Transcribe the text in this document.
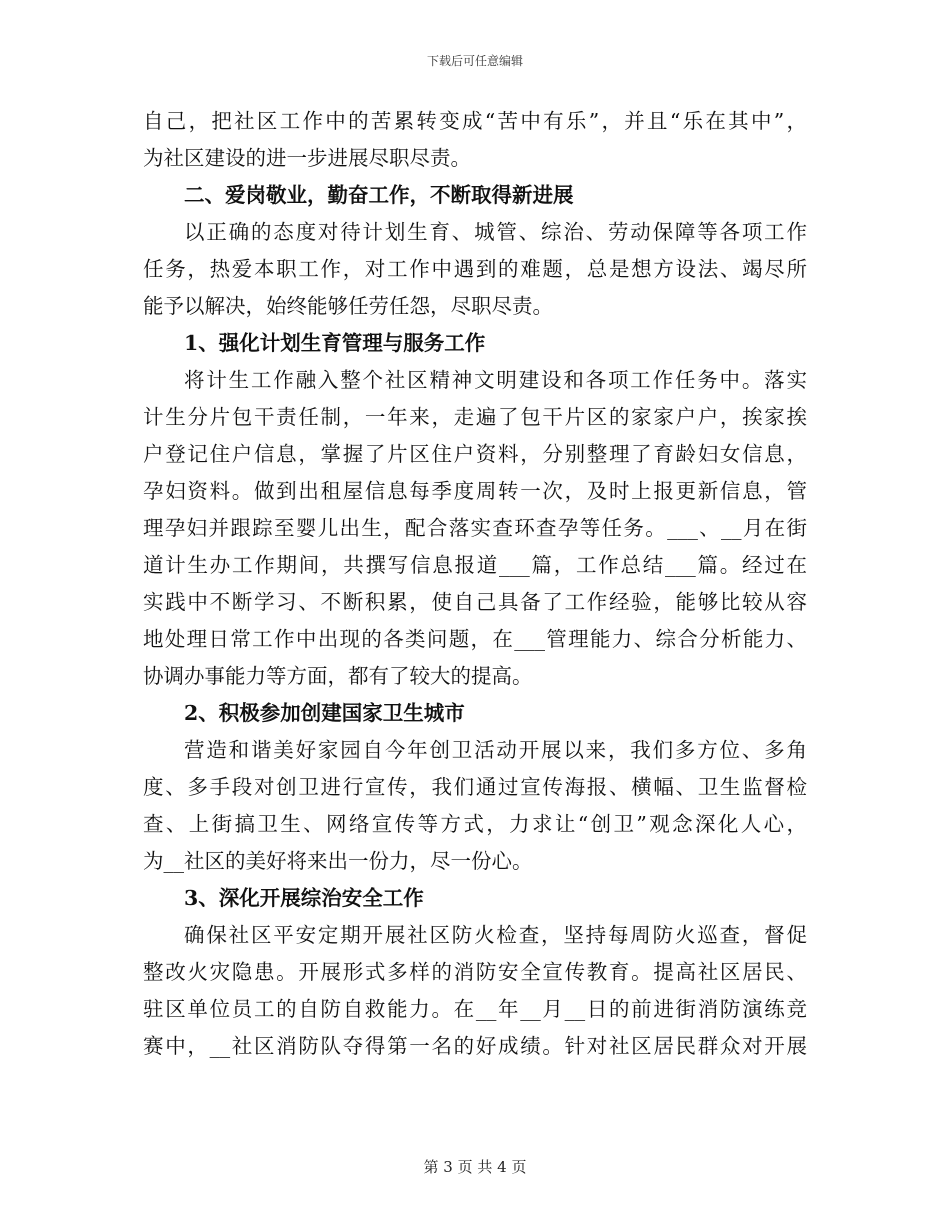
下载后可任意编辑
自己，把社区工作中的苦累转变成“苦中有乐”，并且“乐在其中”，
为社区建设的进一步进展尽职尽责。
二、爱岗敬业，勤奋工作，不断取得新进展
以正确的态度对待计划生育、城管、综治、劳动保障等各项工作
任务，热爱本职工作，对工作中遇到的难题，总是想方设法、竭尽所
能予以解决，始终能够任劳任怨，尽职尽责。
1、强化计划生育管理与服务工作
将计生工作融入整个社区精神文明建设和各项工作任务中。落实
计生分片包干责任制，一年来，走遍了包干片区的家家户户，挨家挨
户登记住户信息，掌握了片区住户资料，分别整理了育龄妇女信息，
孕妇资料。做到出租屋信息每季度周转一次，及时上报更新信息，管
理孕妇并跟踪至婴儿出生，配合落实查环查孕等任务。___、__月在街
道计生办工作期间，共撰写信息报道___篇，工作总结___篇。经过在
实践中不断学习、不断积累，使自己具备了工作经验，能够比较从容
地处理日常工作中出现的各类问题，在___管理能力、综合分析能力、
协调办事能力等方面，都有了较大的提高。
2、积极参加创建国家卫生城市
营造和谐美好家园自今年创卫活动开展以来，我们多方位、多角
度、多手段对创卫进行宣传，我们通过宣传海报、横幅、卫生监督检
查、上街搞卫生、网络宣传等方式，力求让“创卫”观念深化人心，
为__社区的美好将来出一份力，尽一份心。
3、深化开展综治安全工作
确保社区平安定期开展社区防火检查，坚持每周防火巡查，督促
整改火灾隐患。开展形式多样的消防安全宣传教育。提高社区居民、
驻区单位员工的自防自救能力。在__年__月__日的前进街消防演练竞
赛中，__社区消防队夺得第一名的好成绩。针对社区居民群众对开展
第 3 页 共 4 页
